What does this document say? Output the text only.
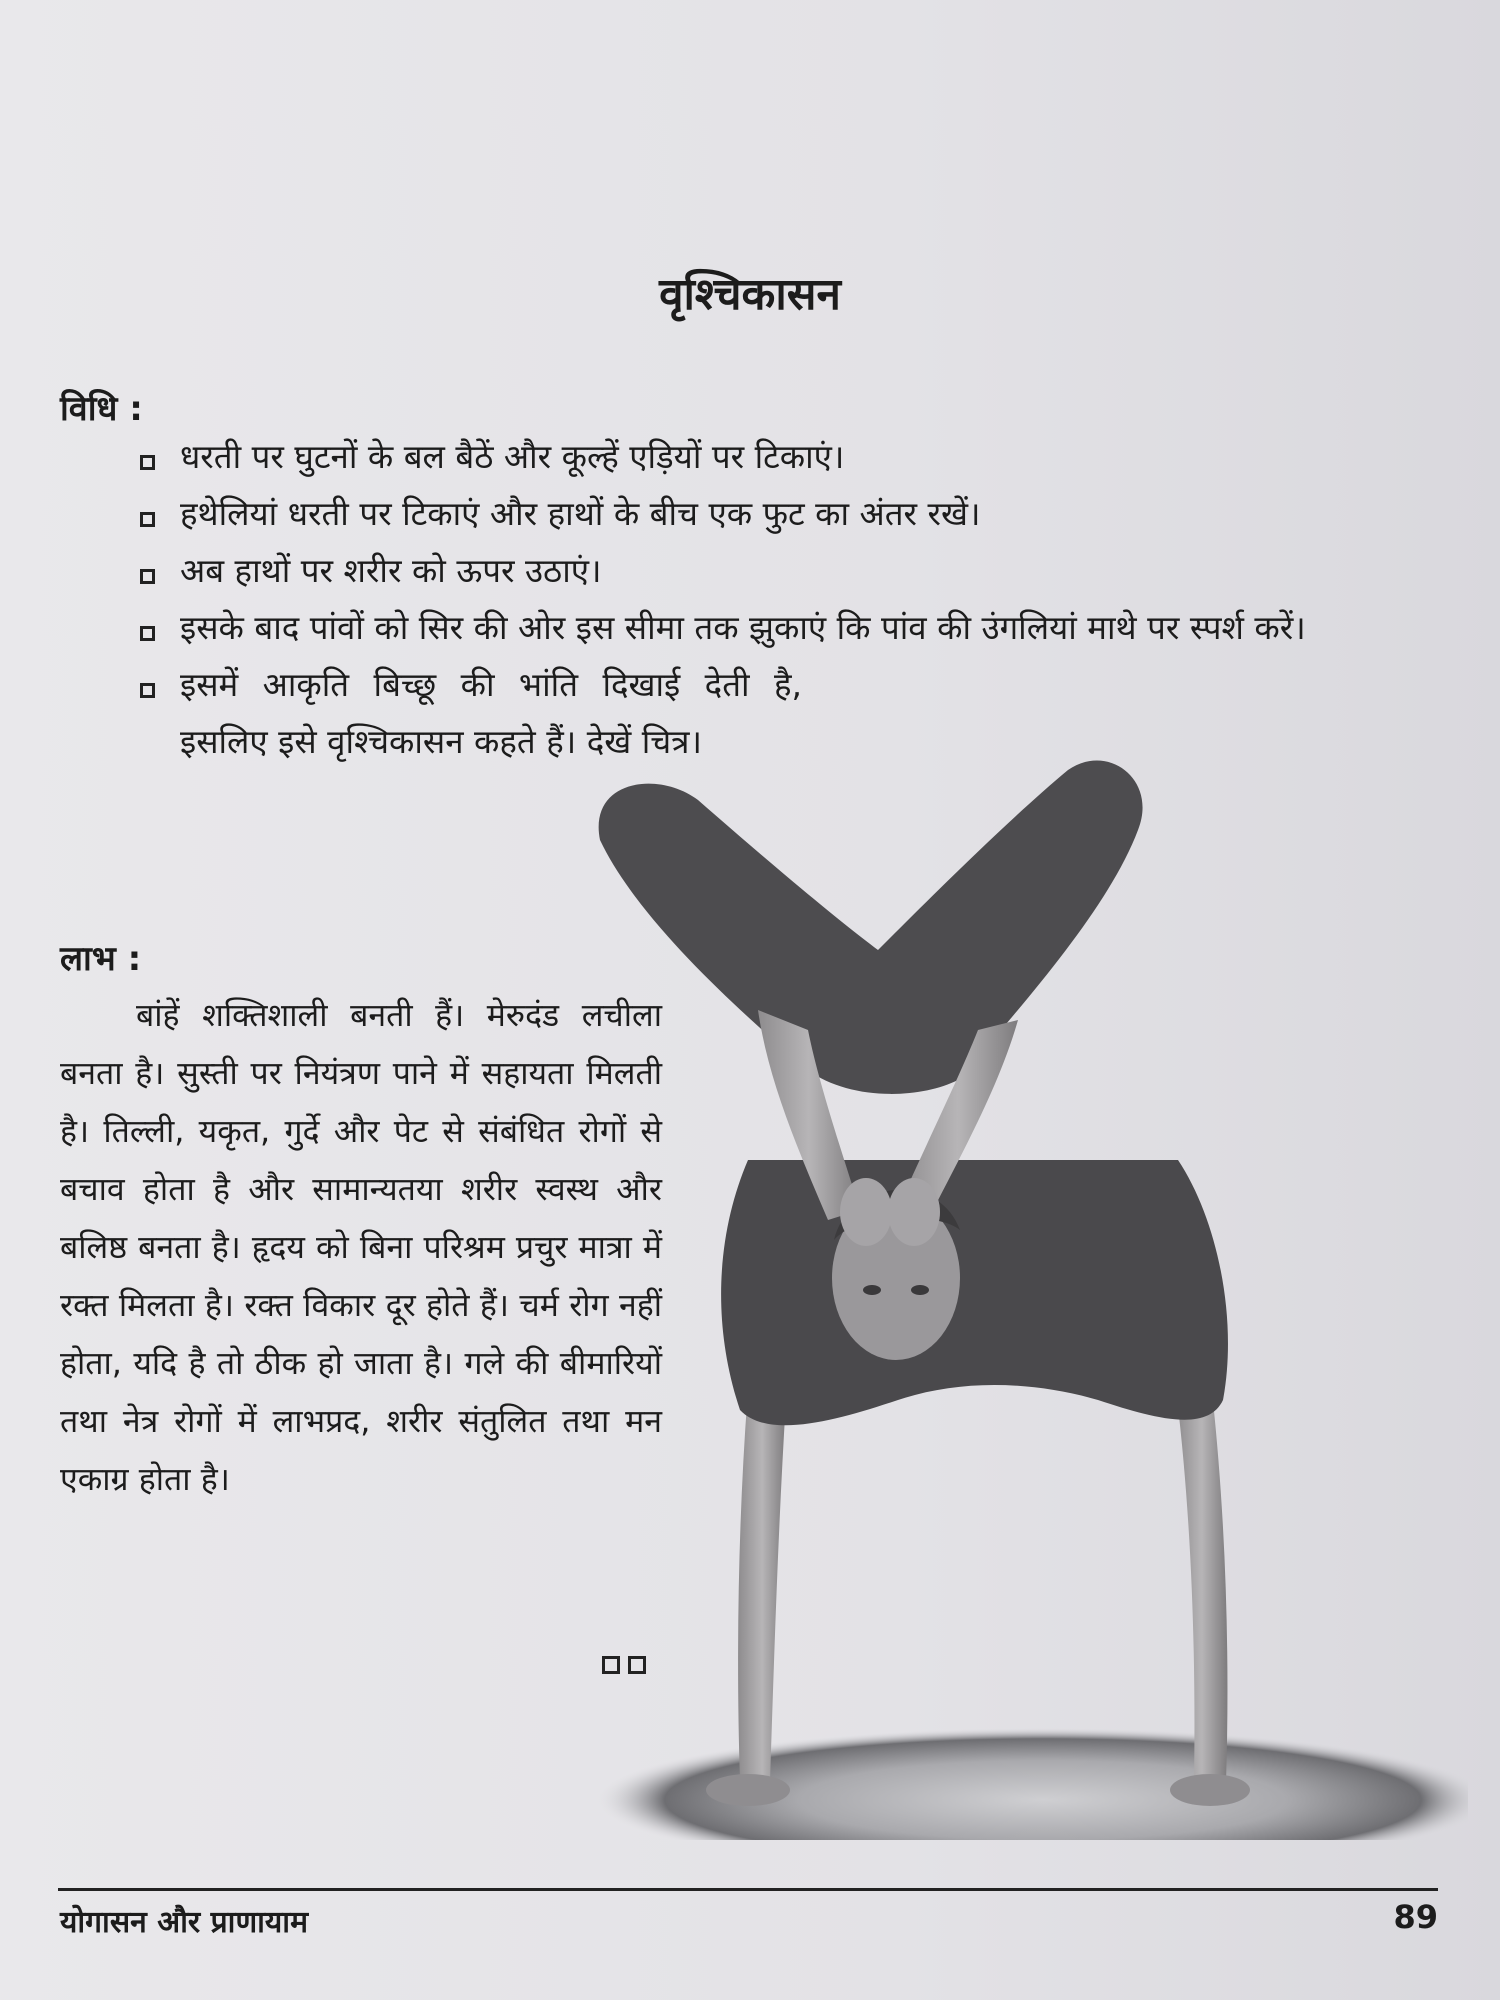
वृश्चिकासन
विधि :
धरती पर घुटनों के बल बैठें और कूल्हें एड़ियों पर टिकाएं।
हथेलियां धरती पर टिकाएं और हाथों के बीच एक फुट का अंतर रखें।
अब हाथों पर शरीर को ऊपर उठाएं।
इसके बाद पांवों को सिर की ओर इस सीमा तक झुकाएं कि पांव की उंगलियां माथे पर स्पर्श करें।
इसमें आकृति बिच्छू की भांति दिखाई देती है, इसलिए इसे वृश्चिकासन कहते हैं। देखें चित्र।
लाभ :

बांहें शक्तिशाली बनती हैं। मेरुदंड लचीला बनता है। सुस्ती पर नियंत्रण पाने में सहायता मिलती है। तिल्ली, यकृत, गुर्दे और पेट से संबंधित रोगों से बचाव होता है और सामान्यतया शरीर स्वस्थ और बलिष्ठ बनता है। हृदय को बिना परिश्रम प्रचुर मात्रा में रक्त मिलता है। रक्त विकार दूर होते हैं। चर्म रोग नहीं होता, यदि है तो ठीक हो जाता है। गले की बीमारियों तथा नेत्र रोगों में लाभप्रद, शरीर संतुलित तथा मन एकाग्र होता है।

योगासन और प्राणायाम	89
